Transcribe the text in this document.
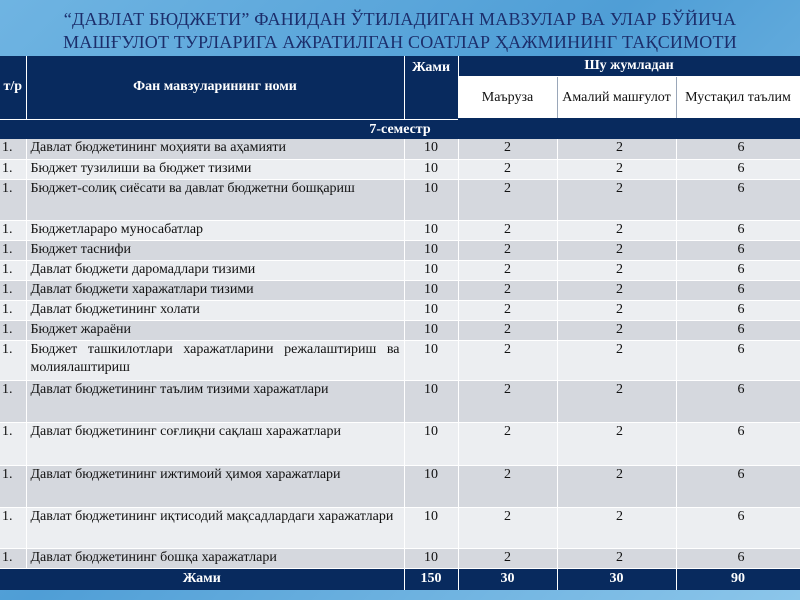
“ДАВЛАТ БЮДЖЕТИ” ФАНИДАН ЎТИЛАДИГАН МАВЗУЛАР ВА УЛАР БЎЙИЧА
МАШҒУЛОТ ТУРЛАРИГА АЖРАТИЛГАН СОАТЛАР ҲАЖМИНИНГ ТАҚСИМОТИ
т/р	Фан мавзуларининг номи	Жами	Шу жумладан		
			Маъруза	Амалий машғулот	Мустақил таълим
7-семестр					
1.	Давлат бюджетининг моҳияти ва аҳамияти	10	2	2	6
1.	Бюджет тузилиши ва бюджет тизими	10	2	2	6
1.	Бюджет-солиқ сиёсати ва давлат бюджетни бошқариш	10	2	2	6
1.	Бюджетлараро муносабатлар	10	2	2	6
1.	Бюджет таснифи	10	2	2	6
1.	Давлат бюджети даромадлари тизими	10	2	2	6
1.	Давлат бюджети харажатлари тизими	10	2	2	6
1.	Давлат бюджетининг холати	10	2	2	6
1.	Бюджет жараёни	10	2	2	6
1.	Бюджет ташкилотлари харажатларини режалаштириш ва молиялаштириш	10	2	2	6
1.	Давлат бюджетининг таълим тизими харажатлари	10	2	2	6
1.	Давлат бюджетининг соғлиқни сақлаш харажатлари	10	2	2	6
1.	Давлат бюджетининг ижтимоий ҳимоя харажатлари	10	2	2	6
1.	Давлат бюджетининг иқтисодий мақсадлардаги харажатлари	10	2	2	6
1.	Давлат бюджетининг бошқа харажатлари	10	2	2	6
Жами		150	30	30	90
